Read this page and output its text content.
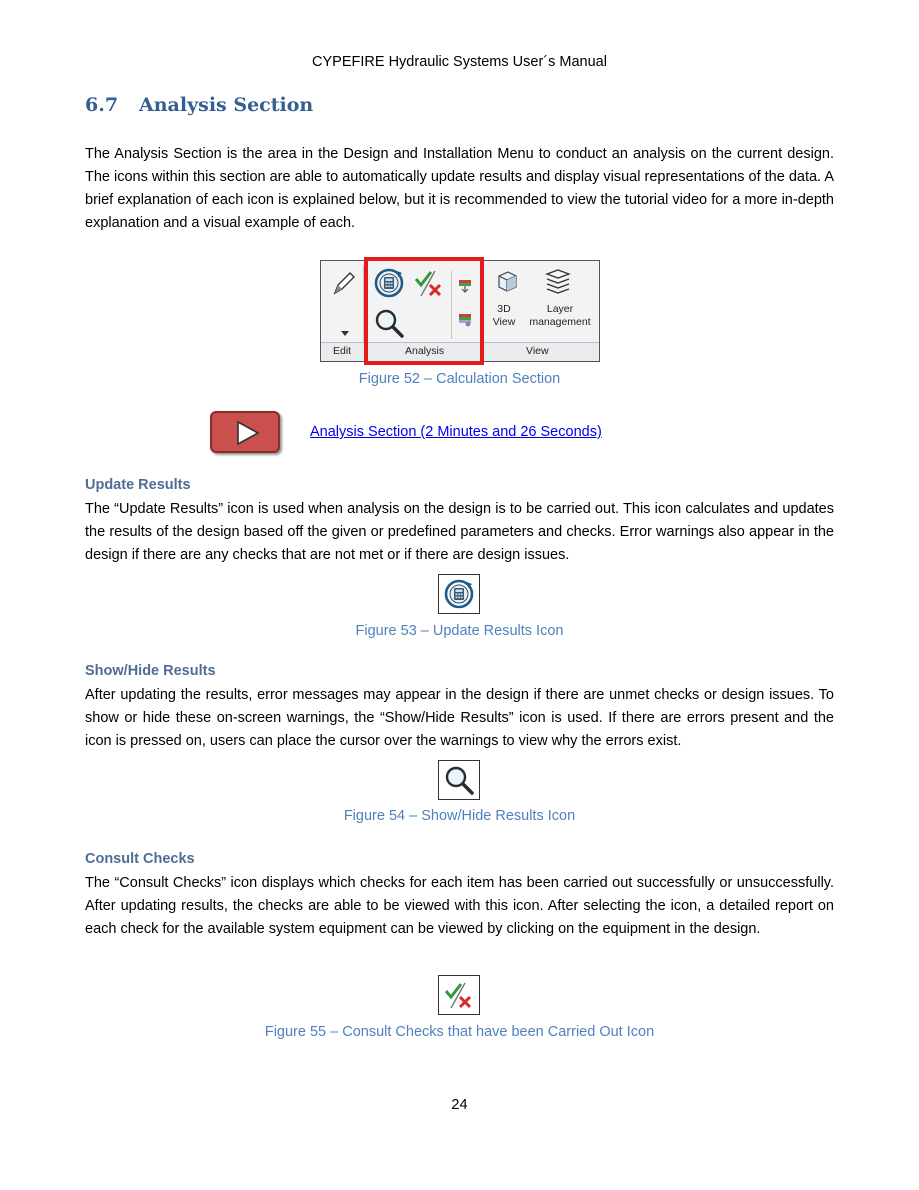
CYPEFIRE Hydraulic Systems User´s Manual
6.7 Analysis Section

The Analysis Section is the area in the Design and Installation Menu to conduct an analysis on the current design. The icons within this section are able to automatically update results and display visual representations of the data. A brief explanation of each icon is explained below, but it is recommended to view the tutorial video for a more in-depth explanation and a visual example of each.

3D
View
Layer
management
Edit	Analysis	View
Figure 52 – Calculation Section
Analysis Section (2 Minutes and 26 Seconds)
Update Results

The “Update Results” icon is used when analysis on the design is to be carried out. This icon calculates and updates the results of the design based off the given or predefined parameters and checks. Error warnings also appear in the design if there are any checks that are not met or if there are design issues.

Figure 53 – Update Results Icon
Show/Hide Results

After updating the results, error messages may appear in the design if there are unmet checks or design issues. To show or hide these on-screen warnings, the “Show/Hide Results” icon is used. If there are errors present and the icon is pressed on, users can place the cursor over the warnings to view why the errors exist.

Figure 54 – Show/Hide Results Icon
Consult Checks

The “Consult Checks” icon displays which checks for each item has been carried out successfully or unsuccessfully. After updating results, the checks are able to be viewed with this icon. After selecting the icon, a detailed report on each check for the available system equipment can be viewed by clicking on the equipment in the design.

Figure 55 – Consult Checks that have been Carried Out Icon
24
